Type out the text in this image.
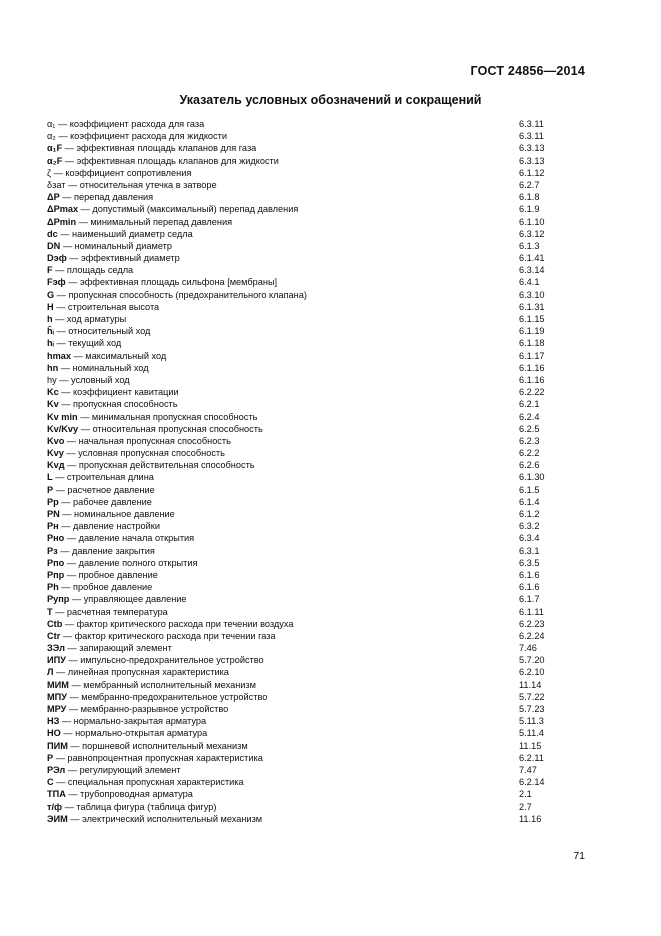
ГОСТ 24856—2014
Указатель условных обозначений и сокращений
α₁ — коэффициент расхода для газа	6.3.11
α₂ — коэффициент расхода для жидкости	6.3.11
α₁F — эффективная площадь клапанов для газа	6.3.13
α₂F — эффективная площадь клапанов для жидкости	6.3.13
ζ — коэффициент сопротивления	6.1.12
δзат — относительная утечка в затворе	6.2.7
ΔP — перепад давления	6.1.8
ΔPmax — допустимый (максимальный) перепад давления	6.1.9
ΔPmin — минимальный перепад давления	6.1.10
dc — наименьший диаметр седла	6.3.12
DN — номинальный диаметр	6.1.3
Dэф — эффективный диаметр	6.1.41
F — площадь седла	6.3.14
Fэф — эффективная площадь сильфона [мембраны]	6.4.1
G — пропускная способность (предохранительного клапана)	6.3.10
H — строительная высота	6.1.31
h — ход арматуры	6.1.15
h̄ᵢ — относительный ход	6.1.19
hᵢ — текущий ход	6.1.18
hmax — максимальный ход	6.1.17
hn — номинальный ход	6.1.16
hу — условный ход	6.1.16
Kc — коэффициент кавитации	6.2.22
Kv — пропускная способность	6.2.1
Kv min — минимальная пропускная способность	6.2.4
Kv/Kvy — относительная пропускная способность	6.2.5
Kvo — начальная пропускная способность	6.2.3
Kvy — условная пропускная способность	6.2.2
Kvд — пропускная действительная способность	6.2.6
L — строительная длина	6.1.30
P — расчетное давление	6.1.5
Pр — рабочее давление	6.1.4
PN — номинальное давление	6.1.2
Pн — давление настройки	6.3.2
Pно — давление начала открытия	6.3.4
Pз — давление закрытия	6.3.1
Pпо — давление полного открытия	6.3.5
Pпр — пробное давление	6.1.6
Ph — пробное давление	6.1.6
Pупр — управляющее давление	6.1.7
T — расчетная температура	6.1.11
Ctb — фактор критического расхода при течении воздуха	6.2.23
Ctr — фактор критического расхода при течении газа	6.2.24
ЗЭл — запирающий элемент	7.46
ИПУ — импульсно-предохранительное устройство	5.7.20
Л — линейная пропускная характеристика	6.2.10
МИМ — мембранный исполнительный механизм	11.14
МПУ — мембранно-предохранительное устройство	5.7.22
МРУ — мембранно-разрывное устройство	5.7.23
НЗ — нормально-закрытая арматура	5.11.3
НО — нормально-открытая арматура	5.11.4
ПИМ — поршневой исполнительный механизм	11.15
Р — равнопроцентная пропускная характеристика	6.2.11
РЭл — регулирующий элемент	7.47
С — специальная пропускная характеристика	6.2.14
ТПА — трубопроводная арматура	2.1
т/ф — таблица фигура (таблица фигур)	2.7
ЭИМ — электрический исполнительный механизм	11.16
71
